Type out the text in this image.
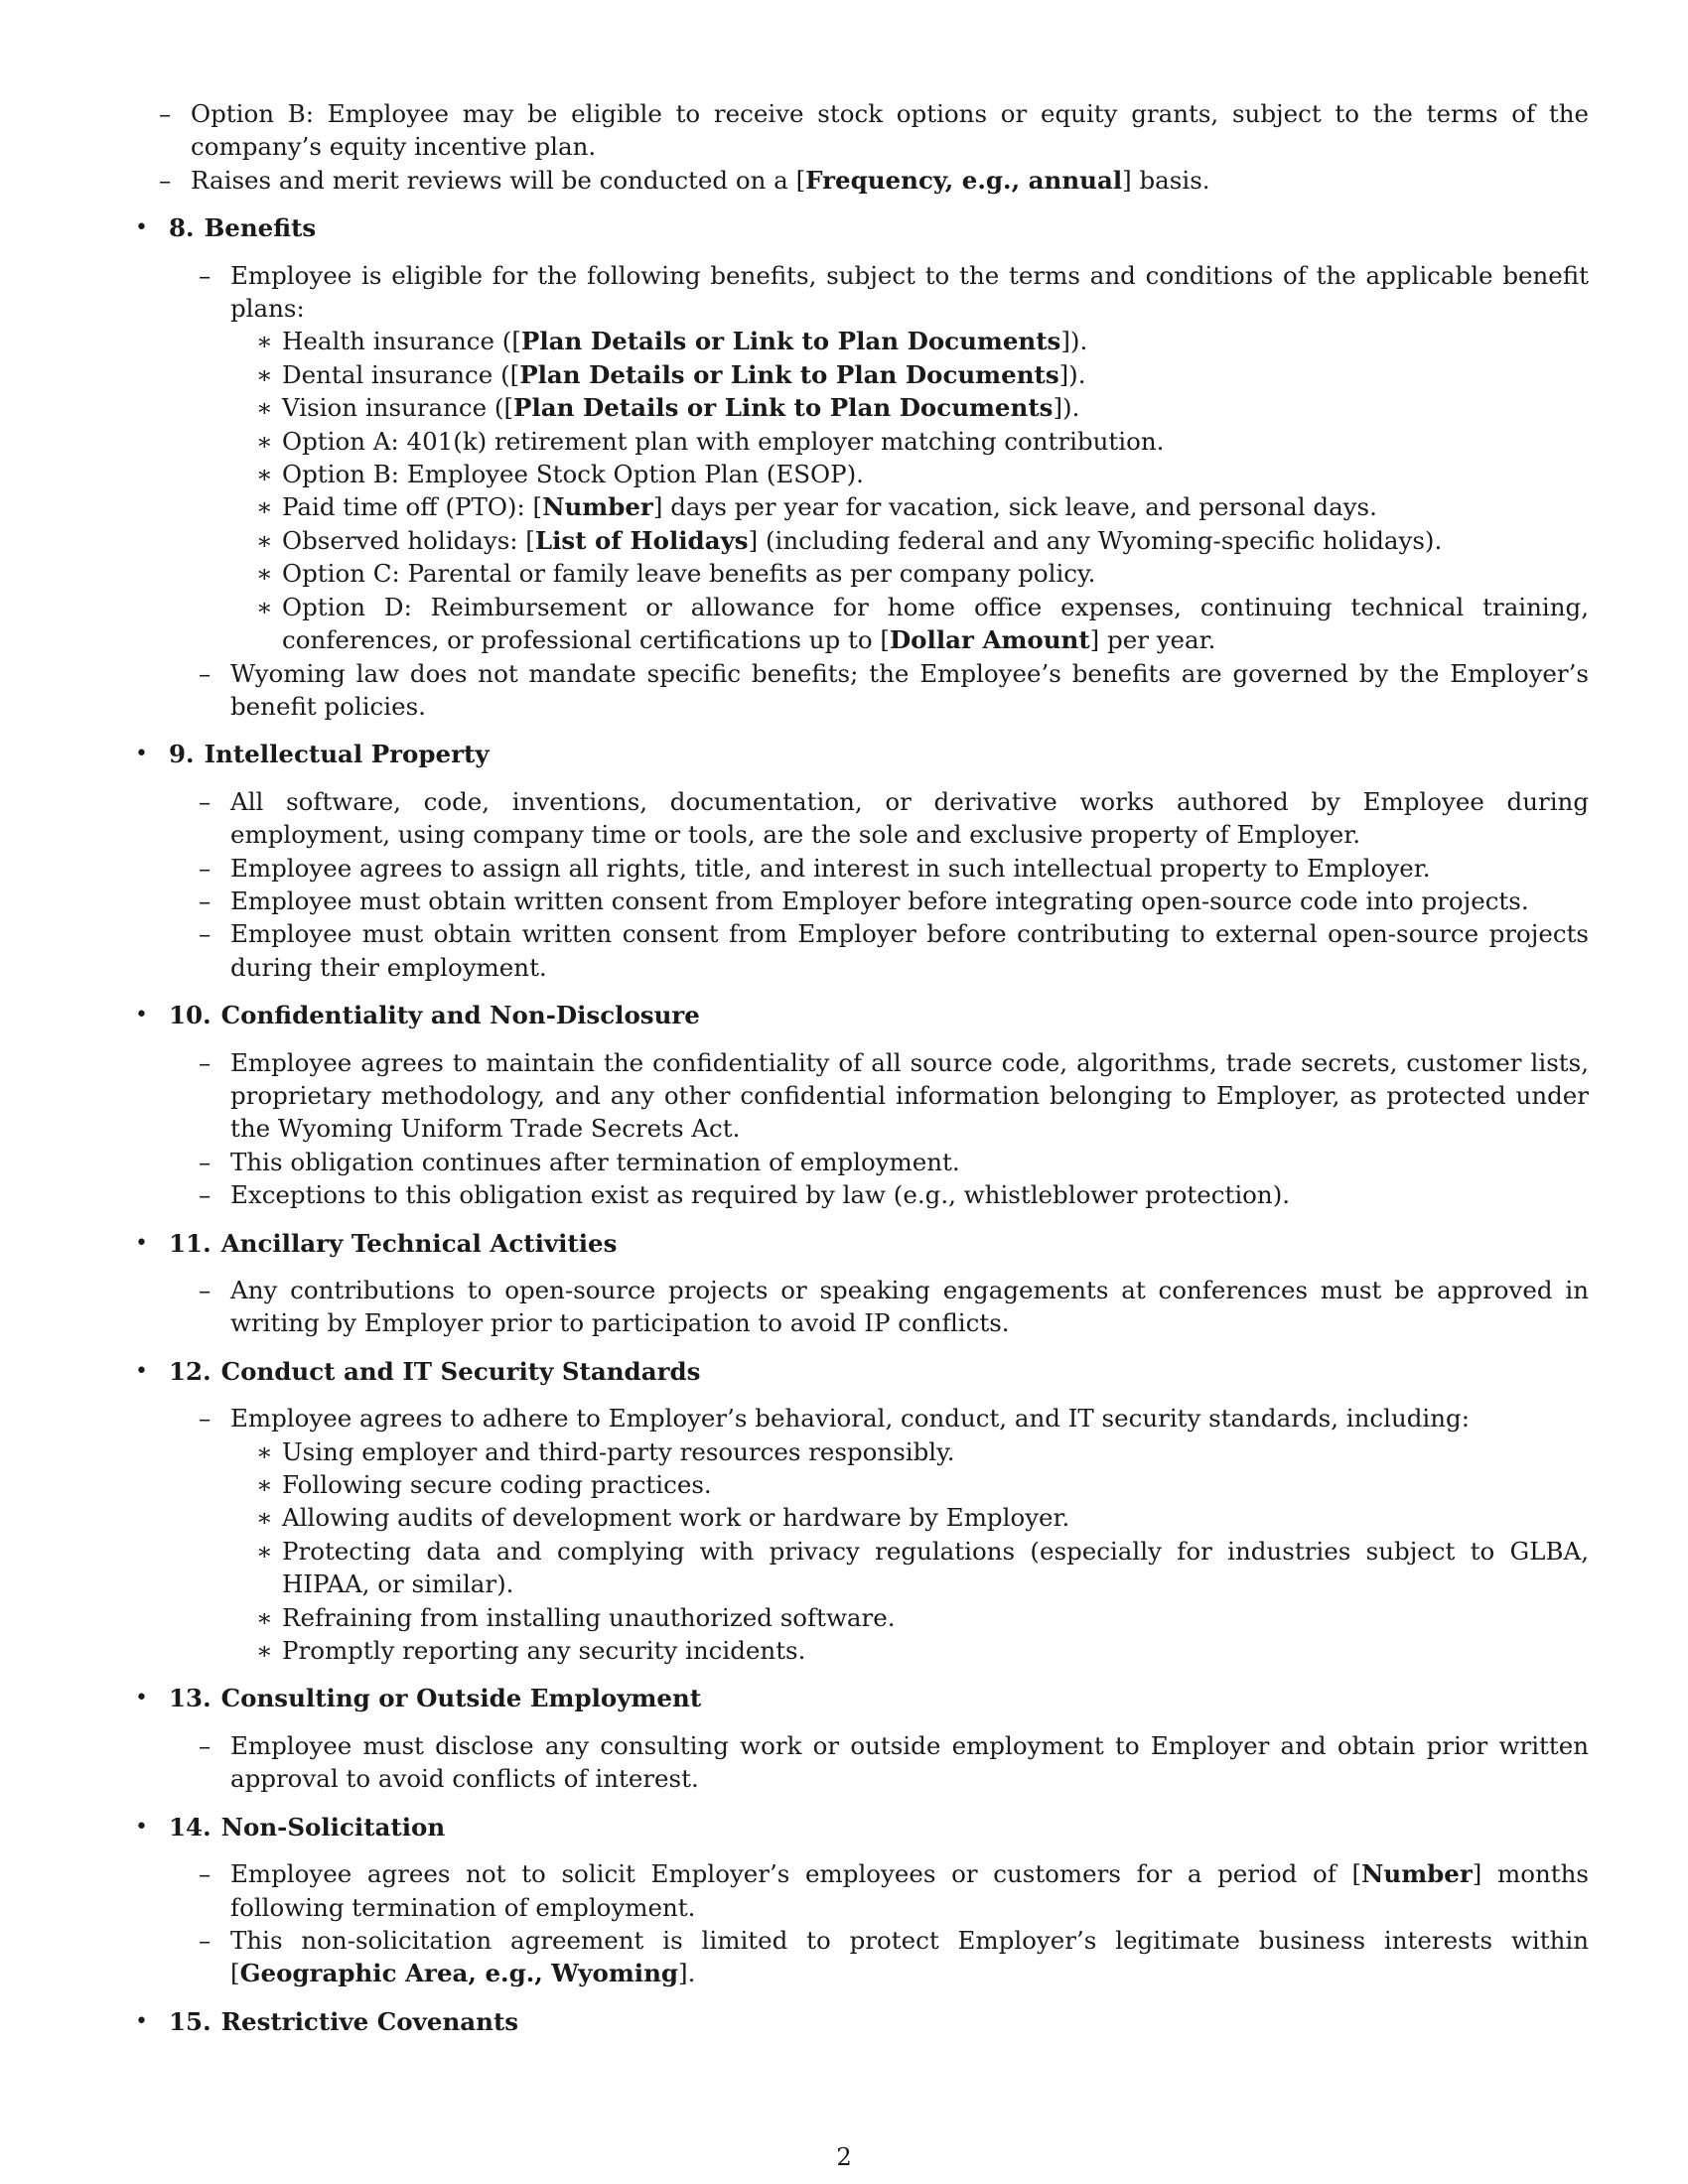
– Option B: Employee may be eligible to receive stock options or equity grants, subject to the terms of the company’s equity incentive plan.
– Raises and merit reviews will be conducted on a [Frequency, e.g., annual] basis.
• 8. Benefits
– Employee is eligible for the following benefits, subject to the terms and conditions of the applicable benefit plans:
∗ Health insurance ([Plan Details or Link to Plan Documents]).
∗ Dental insurance ([Plan Details or Link to Plan Documents]).
∗ Vision insurance ([Plan Details or Link to Plan Documents]).
∗ Option A: 401(k) retirement plan with employer matching contribution.
∗ Option B: Employee Stock Option Plan (ESOP).
∗ Paid time off (PTO): [Number] days per year for vacation, sick leave, and personal days.
∗ Observed holidays: [List of Holidays] (including federal and any Wyoming-specific holidays).
∗ Option C: Parental or family leave benefits as per company policy.
∗ Option D: Reimbursement or allowance for home office expenses, continuing technical training, conferences, or professional certifications up to [Dollar Amount] per year.
– Wyoming law does not mandate specific benefits; the Employee’s benefits are governed by the Employer’s benefit policies.
• 9. Intellectual Property
– All software, code, inventions, documentation, or derivative works authored by Employee during employment, using company time or tools, are the sole and exclusive property of Employer.
– Employee agrees to assign all rights, title, and interest in such intellectual property to Employer.
– Employee must obtain written consent from Employer before integrating open-source code into projects.
– Employee must obtain written consent from Employer before contributing to external open-source projects during their employment.
• 10. Confidentiality and Non-Disclosure
– Employee agrees to maintain the confidentiality of all source code, algorithms, trade secrets, customer lists, proprietary methodology, and any other confidential information belonging to Employer, as protected under the Wyoming Uniform Trade Secrets Act.
– This obligation continues after termination of employment.
– Exceptions to this obligation exist as required by law (e.g., whistleblower protection).
• 11. Ancillary Technical Activities
– Any contributions to open-source projects or speaking engagements at conferences must be approved in writing by Employer prior to participation to avoid IP conflicts.
• 12. Conduct and IT Security Standards
– Employee agrees to adhere to Employer’s behavioral, conduct, and IT security standards, including:
∗ Using employer and third-party resources responsibly.
∗ Following secure coding practices.
∗ Allowing audits of development work or hardware by Employer.
∗ Protecting data and complying with privacy regulations (especially for industries subject to GLBA, HIPAA, or similar).
∗ Refraining from installing unauthorized software.
∗ Promptly reporting any security incidents.
• 13. Consulting or Outside Employment
– Employee must disclose any consulting work or outside employment to Employer and obtain prior written approval to avoid conflicts of interest.
• 14. Non-Solicitation
– Employee agrees not to solicit Employer’s employees or customers for a period of [Number] months following termination of employment.
– This non-solicitation agreement is limited to protect Employer’s legitimate business interests within [Geographic Area, e.g., Wyoming].
• 15. Restrictive Covenants
2
